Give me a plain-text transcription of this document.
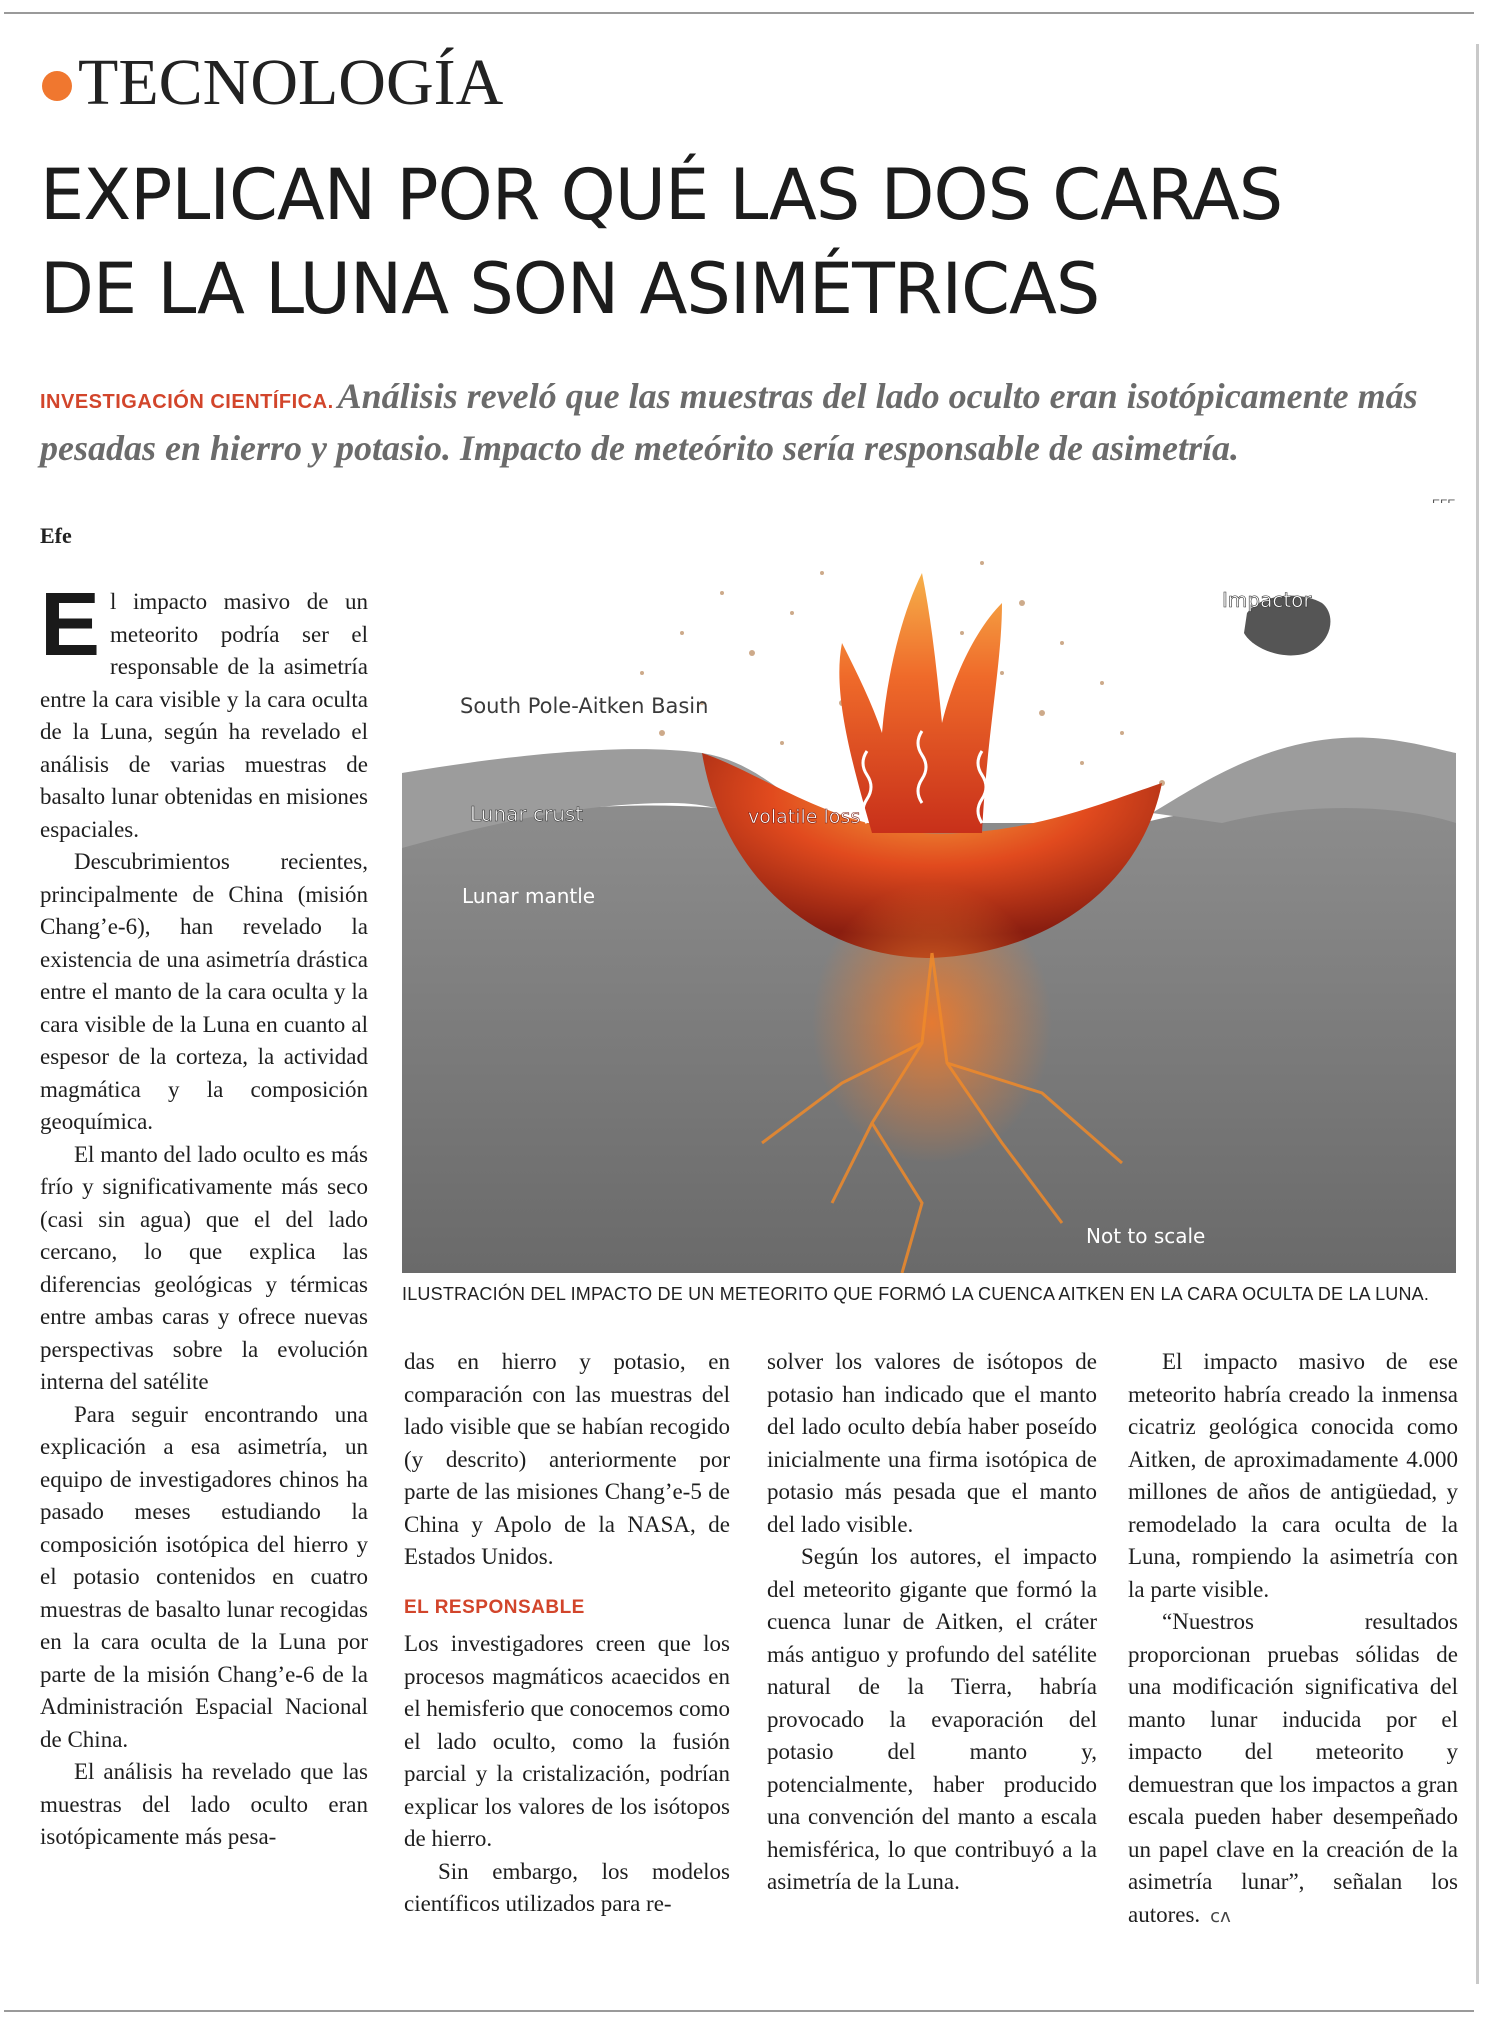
TECNOLOGÍA
EXPLICAN POR QUÉ LAS DOS CARAS
DE LA LUNA SON ASIMÉTRICAS
INVESTIGACIÓN CIENTÍFICA. Análisis reveló que las muestras del lado oculto eran isotópicamente más pesadas en hierro y potasio. Impacto de meteórito sería responsable de asimetría.
Efe
South Pole-Aitken Basin
Lunar crust
Lunar mantle
volatile loss
Impactor
Not to scale
ILUSTRACIÓN DEL IMPACTO DE UN METEORITO QUE FORMÓ LA CUENCA AITKEN EN LA CARA OCULTA DE LA LUNA.

El impacto masivo de un meteorito podría ser el responsable de la asimetría entre la cara visible y la cara oculta de la Luna, según ha revelado el análisis de varias muestras de basalto lunar obtenidas en misiones espaciales.

Descubrimientos recientes, principalmente de China (misión Chang’e-6), han revelado la existencia de una asimetría drástica entre el manto de la cara oculta y la cara visible de la Luna en cuanto al espesor de la corteza, la actividad magmática y la composición geoquímica.

El manto del lado oculto es más frío y significativamente más seco (casi sin agua) que el del lado cercano, lo que explica las diferencias geológicas y térmicas entre ambas caras y ofrece nuevas perspectivas sobre la evolución interna del satélite

Para seguir encontrando una explicación a esa asimetría, un equipo de investigadores chinos ha pasado meses estudiando la composición isotópica del hierro y el potasio contenidos en cuatro muestras de basalto lunar recogidas en la cara oculta de la Luna por parte de la misión Chang’e-6 de la Administración Espacial Nacional de China.

El análisis ha revelado que las muestras del lado oculto eran isotópicamente más pesa-

das en hierro y potasio, en comparación con las muestras del lado visible que se habían recogido (y descrito) anteriormente por parte de las misiones Chang’e-5 de China y Apolo de la NASA, de Estados Unidos.

EL RESPONSABLE

Los investigadores creen que los procesos magmáticos acaecidos en el hemisferio que conocemos como el lado oculto, como la fusión parcial y la cristalización, podrían explicar los valores de los isótopos de hierro.

Sin embargo, los modelos científicos utilizados para re-

solver los valores de isótopos de potasio han indicado que el manto del lado oculto debía haber poseído inicialmente una firma isotópica de potasio más pesada que el manto del lado visible.

Según los autores, el impacto del meteorito gigante que formó la cuenca lunar de Aitken, el cráter más antiguo y profundo del satélite natural de la Tierra, habría provocado la evaporación del potasio del manto y, potencialmente, haber producido una convención del manto a escala hemisférica, lo que contribuyó a la asimetría de la Luna.

El impacto masivo de ese meteorito habría creado la inmensa cicatriz geológica conocida como Aitken, de aproximadamente 4.000 millones de años de antigüedad, y remodelado la cara oculta de la Luna, rompiendo la asimetría con la parte visible.

“Nuestros resultados proporcionan pruebas sólidas de una modificación significativa del manto lunar inducida por el impacto del meteorito y demuestran que los impactos a gran escala pueden haber desempeñado un papel clave en la creación de la asimetría lunar”, señalan los autores. ᴄᴧ
